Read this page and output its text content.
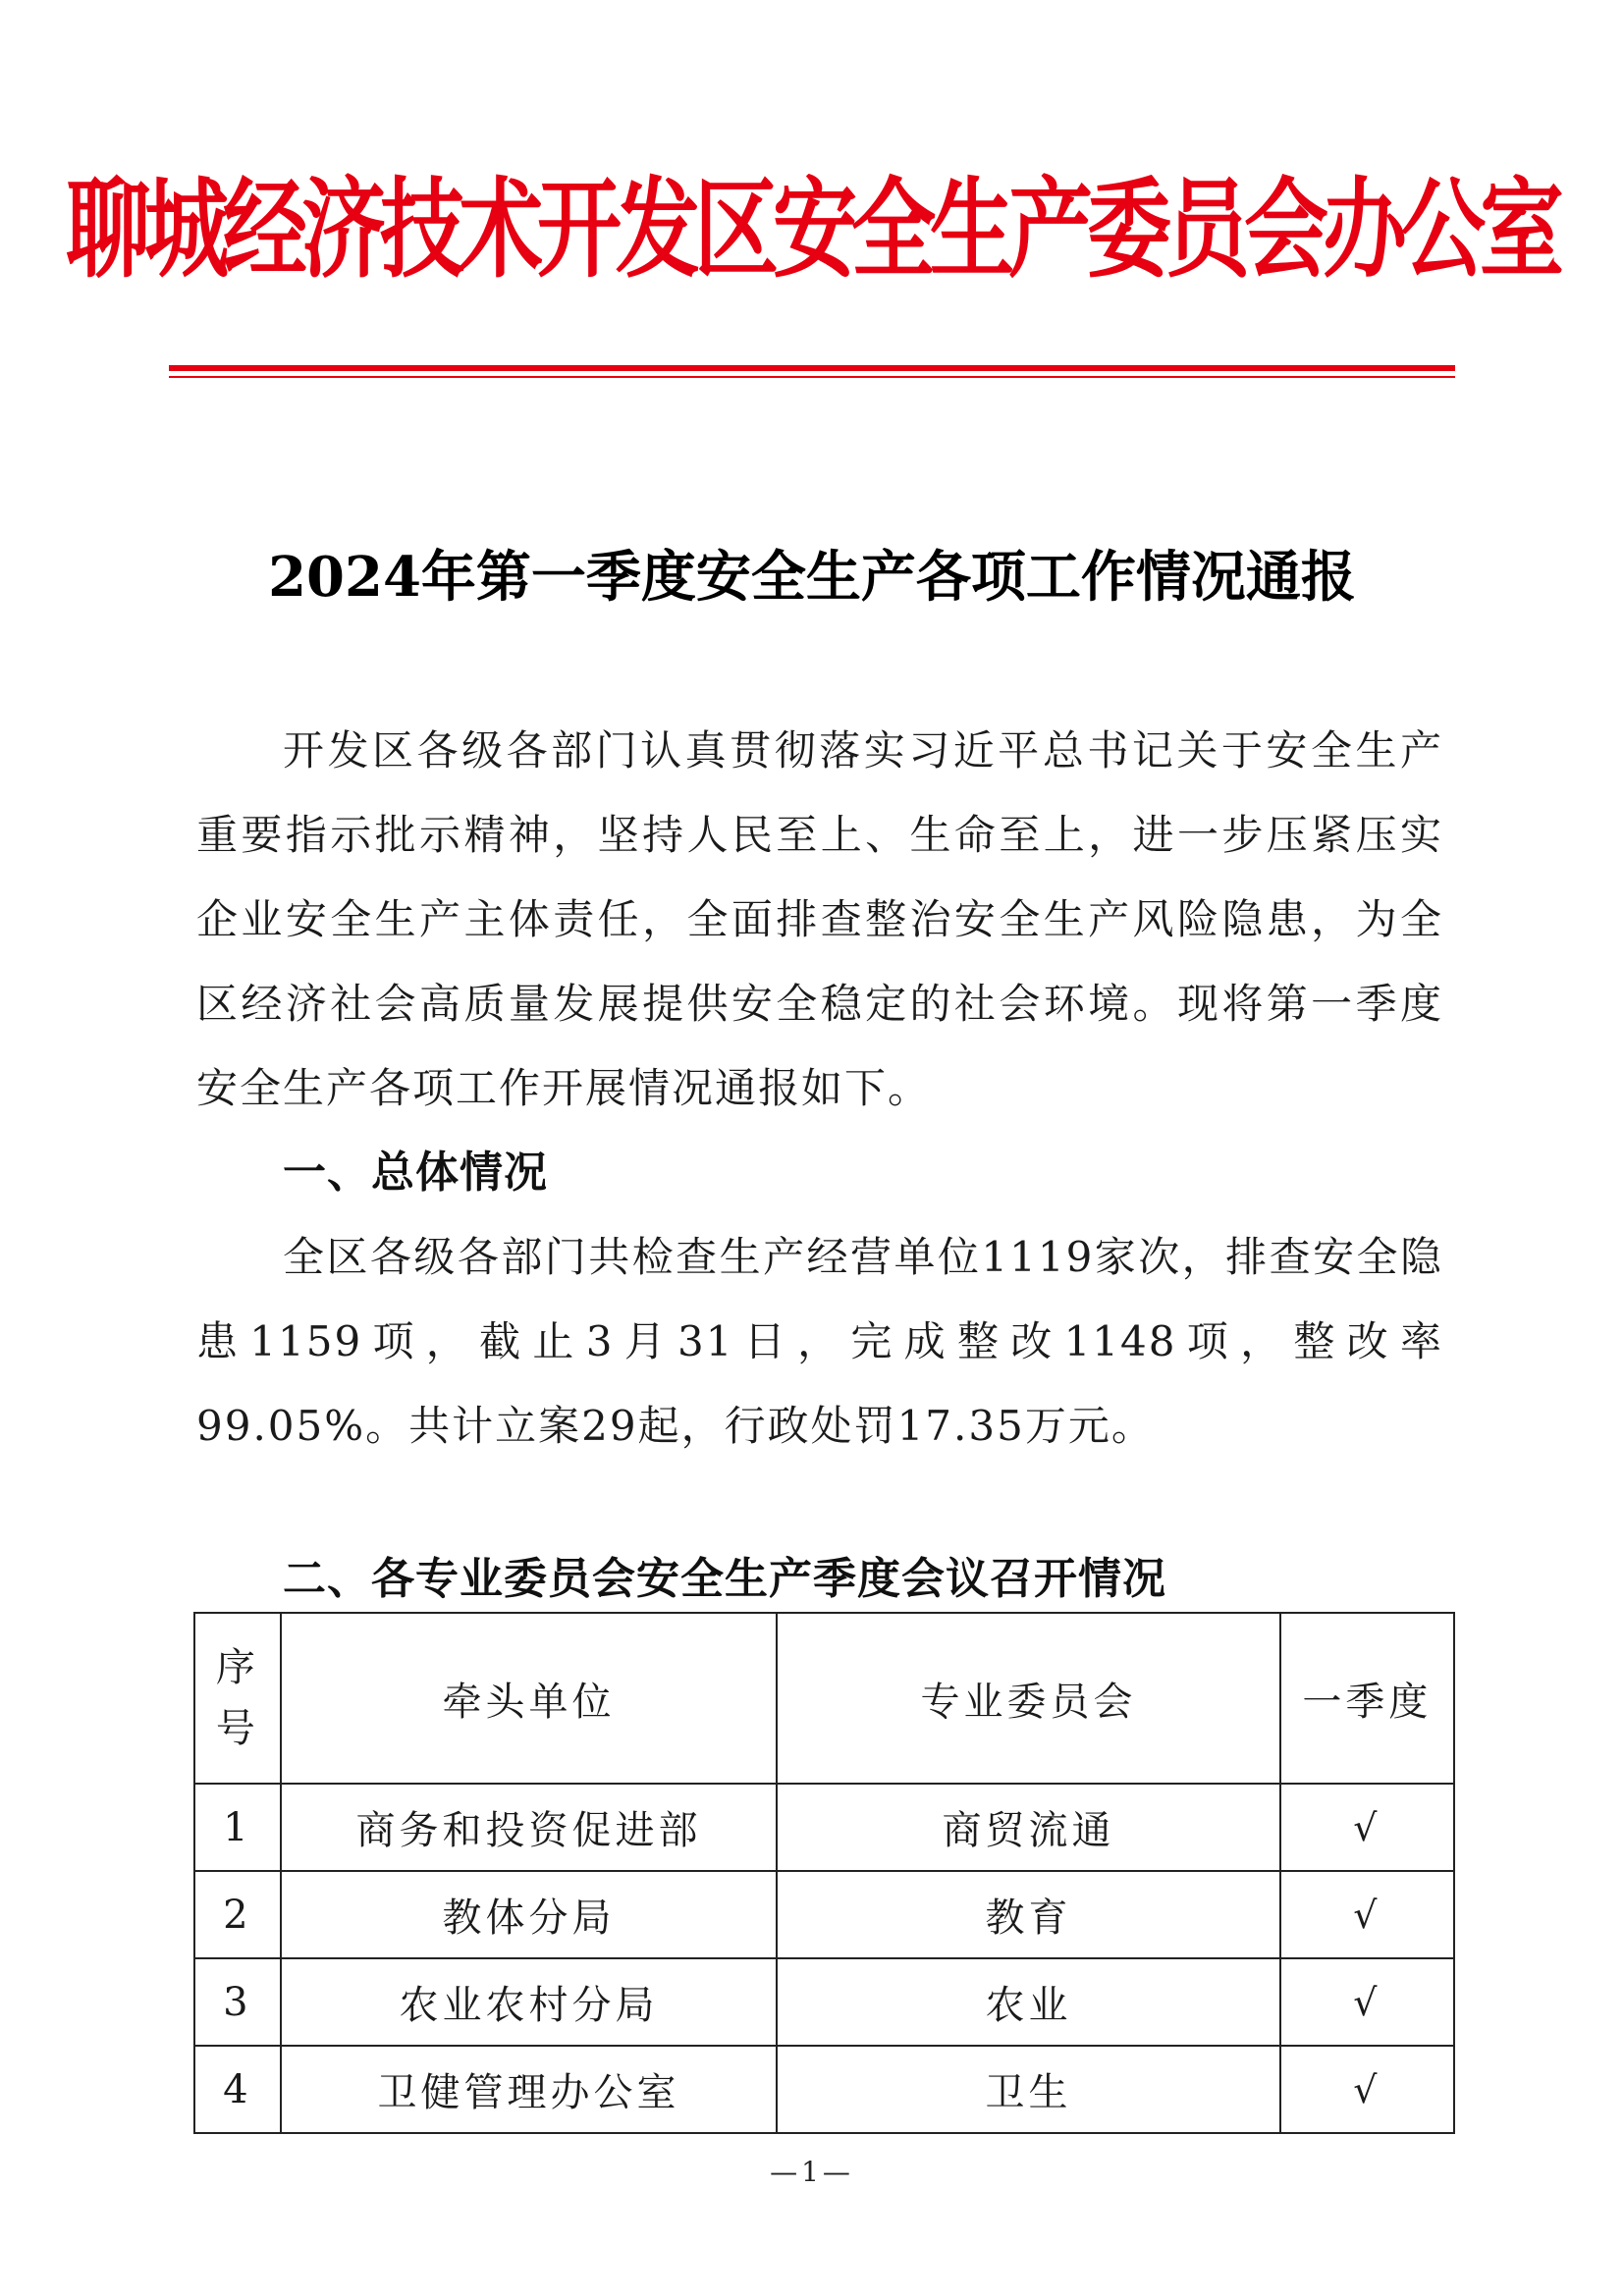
聊城经济技术开发区安全生产委员会办公室
2024年第一季度安全生产各项工作情况通报

开发区各级各部门认真贯彻落实习近平总书记关于安全生产重要指示批示精神，坚持人民至上、生命至上，进一步压紧压实企业安全生产主体责任，全面排查整治安全生产风险隐患，为全区经济社会高质量发展提供安全稳定的社会环境。现将第一季度安全生产各项工作开展情况通报如下。

一、总体情况

全区各级各部门共检查生产经营单位1119家次，排查安全隐患1159项，截止3月31日，完成整改1148项，整改率99.05%。共计立案29起，行政处罚17.35万元。

二、各专业委员会安全生产季度会议召开情况
序
号	牵头单位	专业委员会	一季度
1	商务和投资促进部	商贸流通	√
2	教体分局	教育	√
3	农业农村分局	农业	√
4	卫健管理办公室	卫生	√
—1—
